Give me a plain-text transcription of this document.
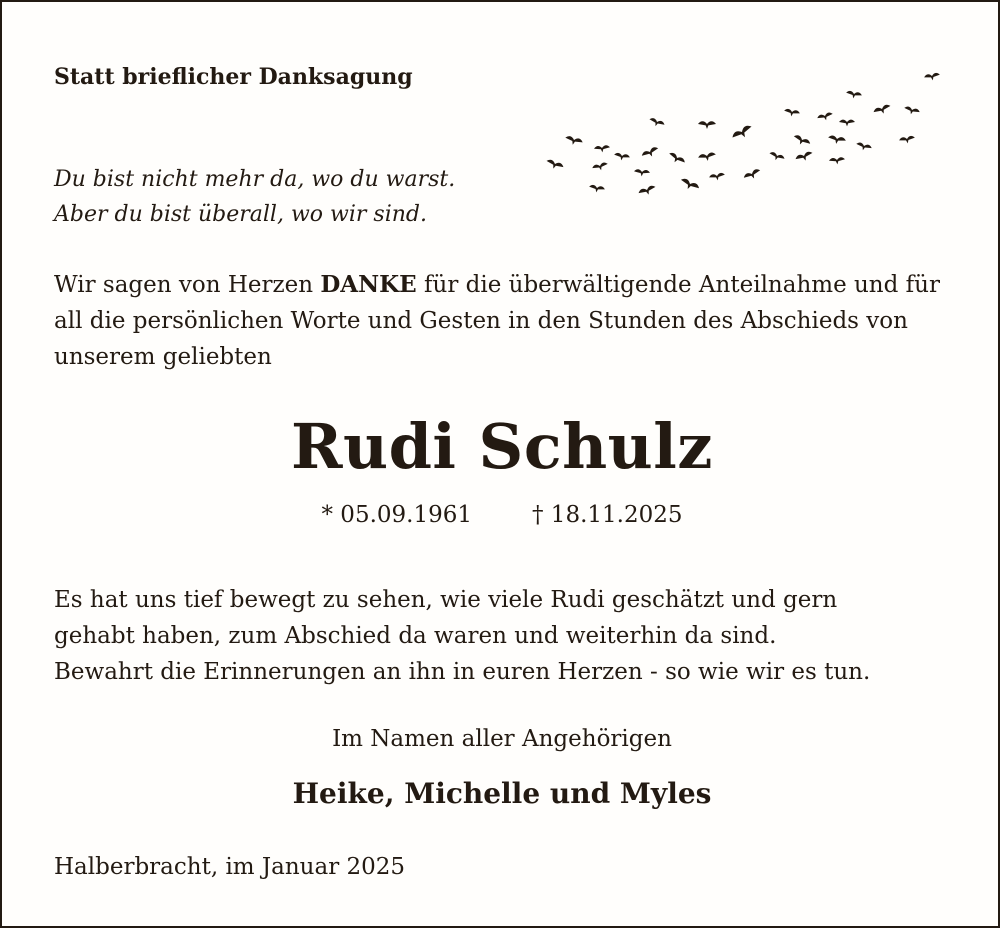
Statt brieflicher Danksagung
Du bist nicht mehr da, wo du warst.
Aber du bist überall, wo wir sind.

Wir sagen von Herzen DANKE für die überwältigende Anteilnahme und für all die persönlichen Worte und Gesten in den Stunden des Abschieds von unserem geliebten

Rudi Schulz
* 05.09.1961	† 18.11.2025
Es hat uns tief bewegt zu sehen, wie viele Rudi geschätzt und gern
gehabt haben, zum Abschied da waren und weiterhin da sind.
Bewahrt die Erinnerungen an ihn in euren Herzen - so wie wir es tun.
Im Namen aller Angehörigen
Heike, Michelle und Myles
Halberbracht, im Januar 2025
